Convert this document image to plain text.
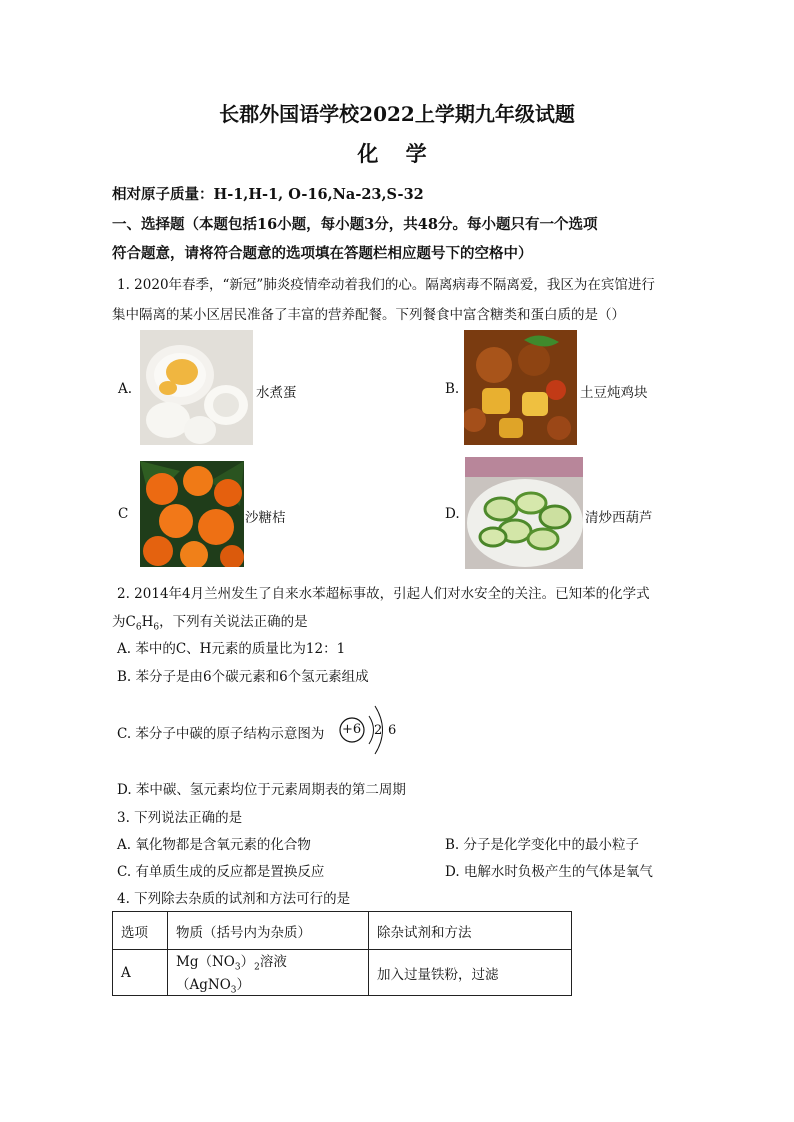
长郡外国语学校2022上学期九年级试题
化 学
相对原子质量：H-1,H-1, O-16,Na-23,S-32
一、选择题（本题包括16小题，每小题3分，共48分。每小题只有一个选项
符合题意，请将符合题意的选项填在答题栏相应题号下的空格中）
1. 2020年春季，“新冠”肺炎疫情牵动着我们的心。隔离病毒不隔离爱，我区为在宾馆进行
集中隔离的某小区居民准备了丰富的营养配餐。下列餐食中富含糖类和蛋白质的是（）
A.	水煮蛋	B.	土豆炖鸡块
C	沙糖桔	D.	清炒西葫芦
2. 2014年4月兰州发生了自来水苯超标事故，引起人们对水安全的关注。已知苯的化学式
为$C_6H_6$，下列有关说法正确的是
A. 苯中的C、H元素的质量比为12：1
B. 苯分子是由6个碳元素和6个氢元素组成
C. 苯分子中碳的原子结构示意图为 +6 2 6
D. 苯中碳、氢元素均位于元素周期表的第二周期
3. 下列说法正确的是
A. 氧化物都是含氧元素的化合物	B. 分子是化学变化中的最小粒子
C. 有单质生成的反应都是置换反应	D. 电解水时负极产生的气体是氧气
4. 下列除去杂质的试剂和方法可行的是
选项	物质（括号内为杂质）	除杂试剂和方法
A	$Mg(NO_3)_2$溶液（AgNO$_3$）	加入过量铁粉，过滤
